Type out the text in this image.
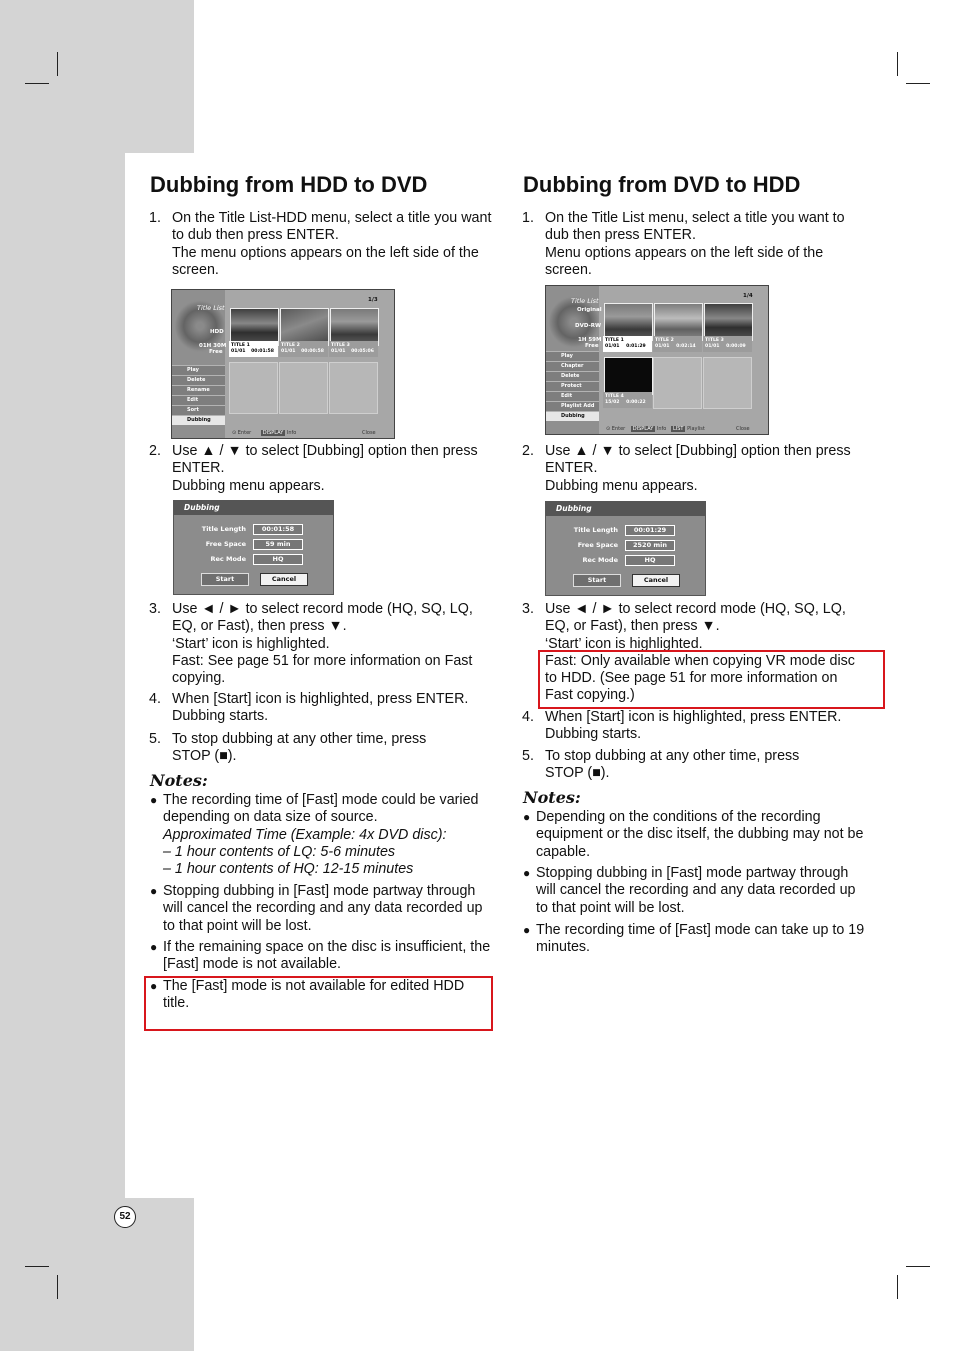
52
Dubbing from HDD to DVD
1. On the Title List-HDD menu, select a title you want
to dub then press ENTER.
The menu options appears on the left side of the
screen.
Title List
HDD
01H 30M
Free
1/3
Play
Delete
Rename
Edit
Sort
Dubbing
TITLE 1
01/01 00:01:58
TITLE 2
01/01 00:00:58
TITLE 3
01/01 00:05:06
⊙ Enter DISPLAY Info	Close
2. Use ▲ / ▼ to select [Dubbing] option then press
ENTER.
Dubbing menu appears.
Dubbing
Title Length	00:01:58
Free Space	59 min
Rec Mode	HQ
Start	Cancel
3. Use ◄ / ► to select record mode (HQ, SQ, LQ,
EQ, or Fast), then press ▼.
‘Start’ icon is highlighted.
Fast: See page 51 for more information on Fast
copying.
4. When [Start] icon is highlighted, press ENTER.
Dubbing starts.
5. To stop dubbing at any other time, press
STOP (■).
Notes:
● The recording time of [Fast] mode could be varied
depending on data size of source.
Approximated Time (Example: 4x DVD disc):
– 1 hour contents of LQ: 5-6 minutes
– 1 hour contents of HQ: 12-15 minutes
● Stopping dubbing in [Fast] mode partway through
will cancel the recording and any data recorded up
to that point will be lost.
● If the remaining space on the disc is insufficient, the
[Fast] mode is not available.
● The [Fast] mode is not available for edited HDD
title.
Dubbing from DVD to HDD
1. On the Title List menu, select a title you want to
dub then press ENTER.
Menu options appears on the left side of the
screen.
Title List
Original
DVD-RW
1H 59M
Free
1/4
Play
Chapter
Delete
Protect
Edit
Playlist Add
Dubbing
TITLE 1
01/01 0:01:29
TITLE 2
01/01 0:02:14
TITLE 3
01/01 0:00:09
TITLE 4
15/02 0:00:22
⊙ Enter DISPLAY Info LIST Playlist	Close
2. Use ▲ / ▼ to select [Dubbing] option then press
ENTER.
Dubbing menu appears.
Dubbing
Title Length	00:01:29
Free Space	2520 min
Rec Mode	HQ
Start	Cancel
3. Use ◄ / ► to select record mode (HQ, SQ, LQ,
EQ, or Fast), then press ▼.
‘Start’ icon is highlighted.
Fast: Only available when copying VR mode disc
to HDD. (See page 51 for more information on
Fast copying.)
4. When [Start] icon is highlighted, press ENTER.
Dubbing starts.
5. To stop dubbing at any other time, press
STOP (■).
Notes:
● Depending on the conditions of the recording
equipment or the disc itself, the dubbing may not be
capable.
● Stopping dubbing in [Fast] mode partway through
will cancel the recording and any data recorded up
to that point will be lost.
● The recording time of [Fast] mode can take up to 19
minutes.
